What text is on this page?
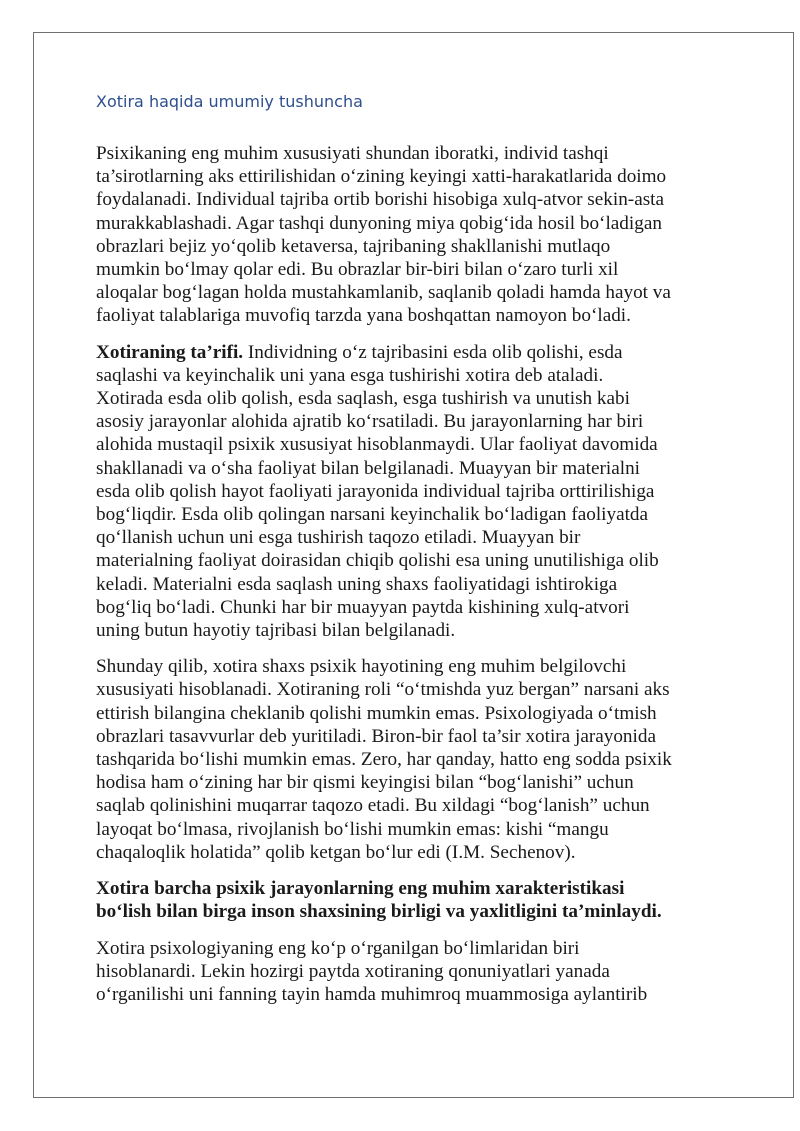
Xotira haqida umumiy tushuncha

Psixikaning eng muhim xususiyati shundan iboratki, individ tashqi
ta’sirotlarning aks ettirilishidan o‘zining keyingi xatti-harakatlarida doimo
foydalanadi. Individual tajriba ortib borishi hisobiga xulq-atvor sekin-asta
murakkablashadi. Agar tashqi dunyoning miya qobig‘ida hosil bo‘ladigan
obrazlari bejiz yo‘qolib ketaversa, tajribaning shakllanishi mutlaqo
mumkin bo‘lmay qolar edi. Bu obrazlar bir-biri bilan o‘zaro turli xil
aloqalar bog‘lagan holda mustahkamlanib, saqlanib qoladi hamda hayot va
faoliyat talablariga muvofiq tarzda yana boshqattan namoyon bo‘ladi.

Xotiraning ta’rifi. Individning o‘z tajribasini esda olib qolishi, esda
saqlashi va keyinchalik uni yana esga tushirishi xotira deb ataladi.
Xotirada esda olib qolish, esda saqlash, esga tushirish va unutish kabi
asosiy jarayonlar alohida ajratib ko‘rsatiladi. Bu jarayonlarning har biri
alohida mustaqil psixik xususiyat hisoblanmaydi. Ular faoliyat davomida
shakllanadi va o‘sha faoliyat bilan belgilanadi. Muayyan bir materialni
esda olib qolish hayot faoliyati jarayonida individual tajriba orttirilishiga
bog‘liqdir. Esda olib qolingan narsani keyinchalik bo‘ladigan faoliyatda
qo‘llanish uchun uni esga tushirish taqozo etiladi. Muayyan bir
materialning faoliyat doirasidan chiqib qolishi esa uning unutilishiga olib
keladi. Materialni esda saqlash uning shaxs faoliyatidagi ishtirokiga
bog‘liq bo‘ladi. Chunki har bir muayyan paytda kishining xulq-atvori
uning butun hayotiy tajribasi bilan belgilanadi.

Shunday qilib, xotira shaxs psixik hayotining eng muhim belgilovchi
xususiyati hisoblanadi. Xotiraning roli “o‘tmishda yuz bergan” narsani aks
ettirish bilangina cheklanib qolishi mumkin emas. Psixologiyada o‘tmish
obrazlari tasavvurlar deb yuritiladi. Biron-bir faol ta’sir xotira jarayonida
tashqarida bo‘lishi mumkin emas. Zero, har qanday, hatto eng sodda psixik
hodisa ham o‘zining har bir qismi keyingisi bilan “bog‘lanishi” uchun
saqlab qolinishini muqarrar taqozo etadi. Bu xildagi “bog‘lanish” uchun
layoqat bo‘lmasa, rivojlanish bo‘lishi mumkin emas: kishi “mangu
chaqaloqlik holatida” qolib ketgan bo‘lur edi (I.M. Sechenov).

Xotira barcha psixik jarayonlarning eng muhim xarakteristikasi
bo‘lish bilan birga inson shaxsining birligi va yaxlitligini ta’minlaydi.

Xotira psixologiyaning eng ko‘p o‘rganilgan bo‘limlaridan biri
hisoblanardi. Lekin hozirgi paytda xotiraning qonuniyatlari yanada
o‘rganilishi uni fanning tayin hamda muhimroq muammosiga aylantirib
